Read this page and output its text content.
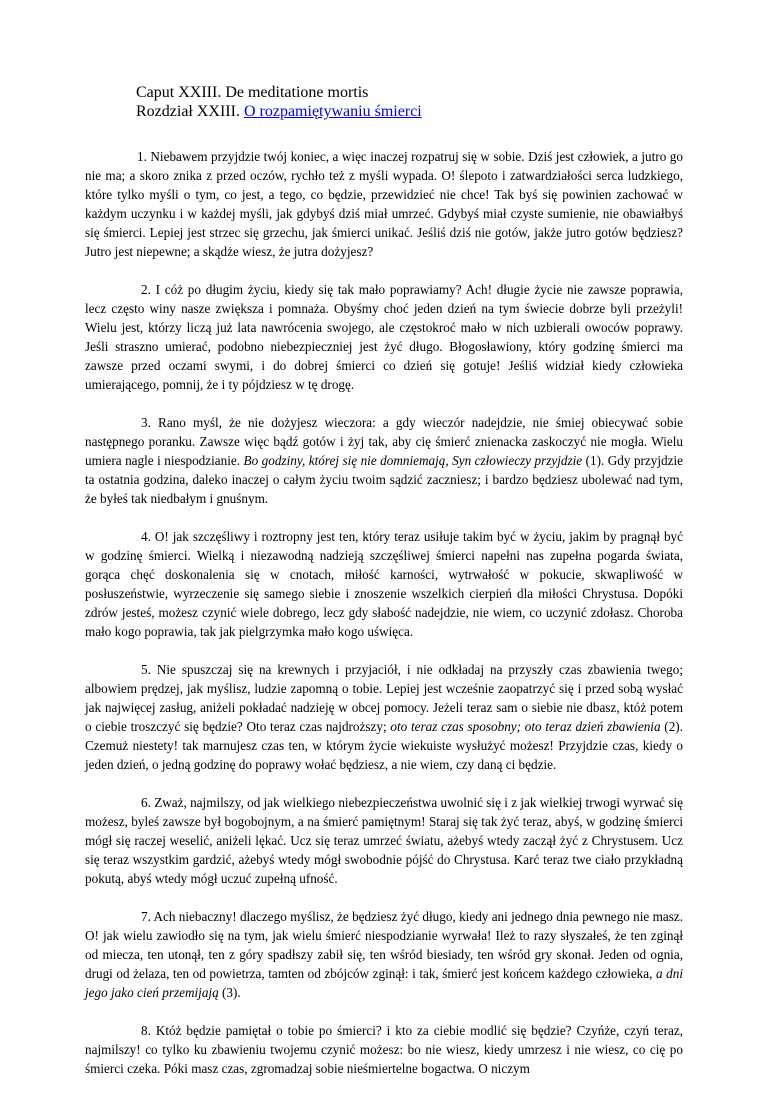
Caput XXIII. De meditatione mortis
Rozdział XXIII. O rozpamiętywaniu śmierci

1. Niebawem przyjdzie twój koniec, a więc inaczej rozpatruj się w sobie. Dziś jest człowiek, a jutro go nie ma; a skoro znika z przed oczów, rychło też z myśli wypada. O! ślepoto i zatwardziałości serca ludzkiego, które tylko myśli o tym, co jest, a tego, co będzie, przewidzieć nie chce! Tak byś się powinien zachować w każdym uczynku i w każdej myśli, jak gdybyś dziś miał umrzeć. Gdybyś miał czyste sumienie, nie obawiałbyś się śmierci. Lepiej jest strzec się grzechu, jak śmierci unikać. Jeśliś dziś nie gotów, jakże jutro gotów będziesz? Jutro jest niepewne; a skądże wiesz, że jutra dożyjesz?

2. I cóż po długim życiu, kiedy się tak mało poprawiamy? Ach! długie życie nie zawsze poprawia, lecz często winy nasze zwiększa i pomnaża. Obyśmy choć jeden dzień na tym świecie dobrze byli przeżyli! Wielu jest, którzy liczą już lata nawrócenia swojego, ale częstokroć mało w nich uzbierali owoców poprawy. Jeśli straszno umierać, podobno niebezpieczniej jest żyć długo. Błogosławiony, który godzinę śmierci ma zawsze przed oczami swymi, i do dobrej śmierci co dzień się gotuje! Jeśliś widział kiedy człowieka umierającego, pomnij, że i ty pójdziesz w tę drogę.

3. Rano myśl, że nie dożyjesz wieczora: a gdy wieczór nadejdzie, nie śmiej obiecywać sobie następnego poranku. Zawsze więc bądź gotów i żyj tak, aby cię śmierć znienacka zaskoczyć nie mogła. Wielu umiera nagle i niespodzianie. Bo godziny, której się nie domniemają, Syn człowieczy przyjdzie (1). Gdy przyjdzie ta ostatnia godzina, daleko inaczej o całym życiu twoim sądzić zaczniesz; i bardzo będziesz ubolewać nad tym, że byłeś tak niedbałym i gnuśnym.

4. O! jak szczęśliwy i roztropny jest ten, który teraz usiłuje takim być w życiu, jakim by pragnął być w godzinę śmierci. Wielką i niezawodną nadzieją szczęśliwej śmierci napełni nas zupełna pogarda świata, gorąca chęć doskonalenia się w cnotach, miłość karności, wytrwałość w pokucie, skwapliwość w posłuszeństwie, wyrzeczenie się samego siebie i znoszenie wszelkich cierpień dla miłości Chrystusa. Dopóki zdrów jesteś, możesz czynić wiele dobrego, lecz gdy słabość nadejdzie, nie wiem, co uczynić zdołasz. Choroba mało kogo poprawia, tak jak pielgrzymka mało kogo uświęca.

5. Nie spuszczaj się na krewnych i przyjaciół, i nie odkładaj na przyszły czas zbawienia twego; albowiem prędzej, jak myślisz, ludzie zapomną o tobie. Lepiej jest wcześnie zaopatrzyć się i przed sobą wysłać jak najwięcej zasług, aniżeli pokładać nadzieję w obcej pomocy. Jeżeli teraz sam o siebie nie dbasz, któż potem o ciebie troszczyć się będzie? Oto teraz czas najdroższy; oto teraz czas sposobny; oto teraz dzień zbawienia (2). Czemuż niestety! tak marnujesz czas ten, w którym życie wiekuiste wysłużyć możesz! Przyjdzie czas, kiedy o jeden dzień, o jedną godzinę do poprawy wołać będziesz, a nie wiem, czy daną ci będzie.

6. Zważ, najmilszy, od jak wielkiego niebezpieczeństwa uwolnić się i z jak wielkiej trwogi wyrwać się możesz, byleś zawsze był bogobojnym, a na śmierć pamiętnym! Staraj się tak żyć teraz, abyś, w godzinę śmierci mógł się raczej weselić, aniżeli lękać. Ucz się teraz umrzeć światu, ażebyś wtedy zaczął żyć z Chrystusem. Ucz się teraz wszystkim gardzić, ażebyś wtedy mógł swobodnie pójść do Chrystusa. Karć teraz twe ciało przykładną pokutą, abyś wtedy mógł uczuć zupełną ufność.

7. Ach niebaczny! dlaczego myślisz, że będziesz żyć długo, kiedy ani jednego dnia pewnego nie masz. O! jak wielu zawiodło się na tym, jak wielu śmierć niespodzianie wyrwała! Ileż to razy słyszałeś, że ten zginął od miecza, ten utonął, ten z góry spadłszy zabił się, ten wśród biesiady, ten wśród gry skonał. Jeden od ognia, drugi od żelaza, ten od powietrza, tamten od zbójców zginął: i tak, śmierć jest końcem każdego człowieka, a dni jego jako cień przemijają (3).

8. Któż będzie pamiętał o tobie po śmierci? i kto za ciebie modlić się będzie? Czyńże, czyń teraz, najmilszy! co tylko ku zbawieniu twojemu czynić możesz: bo nie wiesz, kiedy umrzesz i nie wiesz, co cię po śmierci czeka. Póki masz czas, zgromadzaj sobie nieśmiertelne bogactwa. O niczym
